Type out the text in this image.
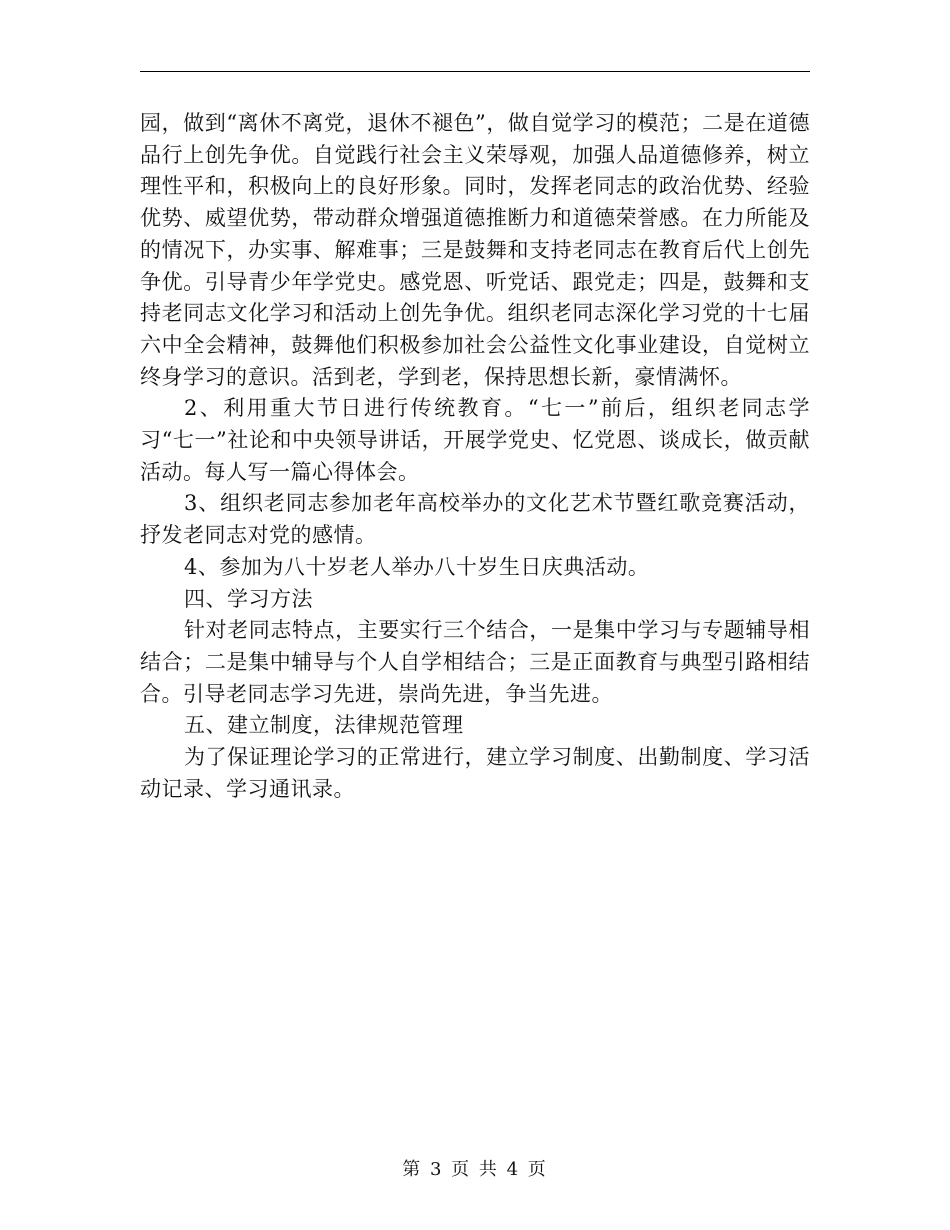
园，做到“离休不离党，退休不褪色”，做自觉学习的模范；二是在道德品行上创先争优。自觉践行社会主义荣辱观，加强人品道德修养，树立理性平和，积极向上的良好形象。同时，发挥老同志的政治优势、经验优势、威望优势，带动群众增强道德推断力和道德荣誉感。在力所能及的情况下，办实事、解难事；三是鼓舞和支持老同志在教育后代上创先争优。引导青少年学党史。感党恩、听党话、跟党走；四是，鼓舞和支持老同志文化学习和活动上创先争优。组织老同志深化学习党的十七届六中全会精神，鼓舞他们积极参加社会公益性文化事业建设，自觉树立终身学习的意识。活到老，学到老，保持思想长新，豪情满怀。

2、利用重大节日进行传统教育。“七一”前后，组织老同志学习“七一”社论和中央领导讲话，开展学党史、忆党恩、谈成长，做贡献活动。每人写一篇心得体会。

3、组织老同志参加老年高校举办的文化艺术节暨红歌竞赛活动，抒发老同志对党的感情。

4、参加为八十岁老人举办八十岁生日庆典活动。

四、学习方法

针对老同志特点，主要实行三个结合，一是集中学习与专题辅导相结合；二是集中辅导与个人自学相结合；三是正面教育与典型引路相结合。引导老同志学习先进，崇尚先进，争当先进。

五、建立制度，法律规范管理

为了保证理论学习的正常进行，建立学习制度、出勤制度、学习活动记录、学习通讯录。

第 3 页 共 4 页
